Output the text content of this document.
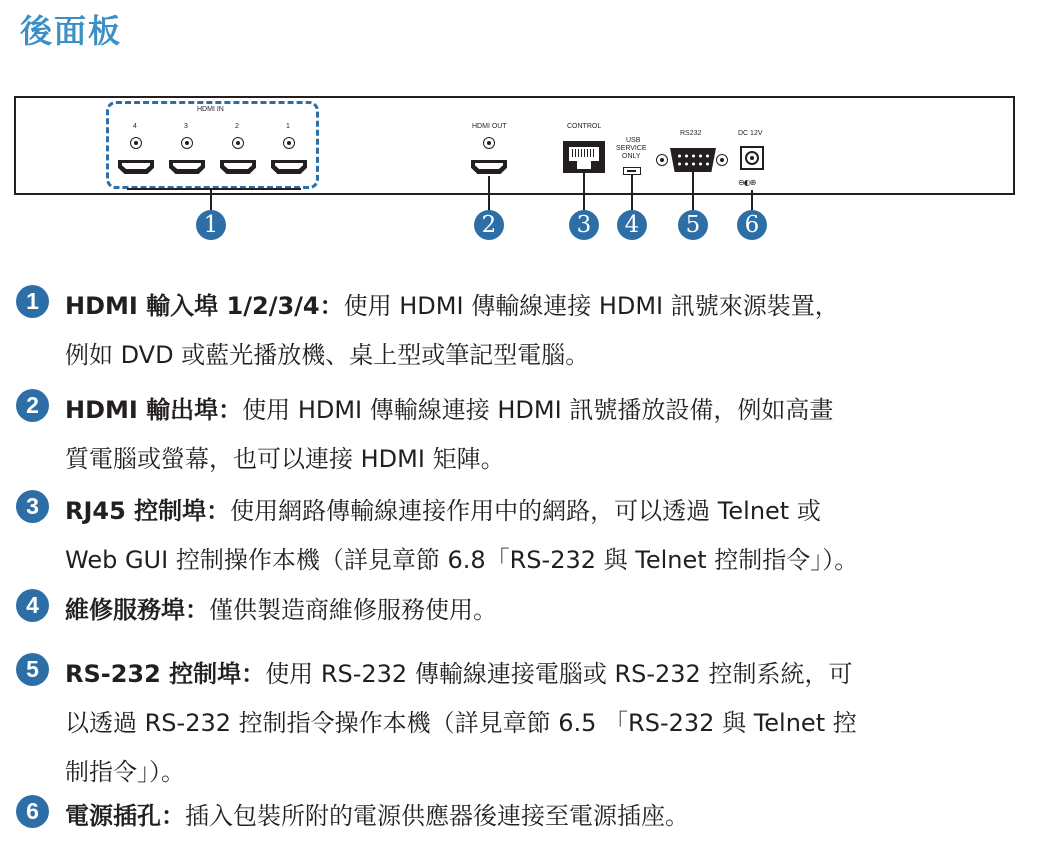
後面板
HDMI IN
4	3	2	1	HDMI OUT	CONTROL
USB
SERVICE
ONLY
RS232	DC 12V
⊖◐⊕
1	2	3	4	5	6
1	HDMI 輸入埠 1/2/3/4：使用 HDMI 傳輸線連接 HDMI 訊號來源裝置，
例如 DVD 或藍光播放機、桌上型或筆記型電腦。
2	HDMI 輸出埠：使用 HDMI 傳輸線連接 HDMI 訊號播放設備，例如高畫
質電腦或螢幕，也可以連接 HDMI 矩陣。
3	RJ45 控制埠：使用網路傳輸線連接作用中的網路，可以透過 Telnet 或
Web GUI 控制操作本機（詳見章節 6.8「RS-232 與 Telnet 控制指令」）。
4	維修服務埠：僅供製造商維修服務使用。
5	RS-232 控制埠：使用 RS-232 傳輸線連接電腦或 RS-232 控制系統，可
以透過 RS-232 控制指令操作本機（詳見章節 6.5 「RS-232 與 Telnet 控
制指令」）。
6	電源插孔：插入包裝所附的電源供應器後連接至電源插座。
